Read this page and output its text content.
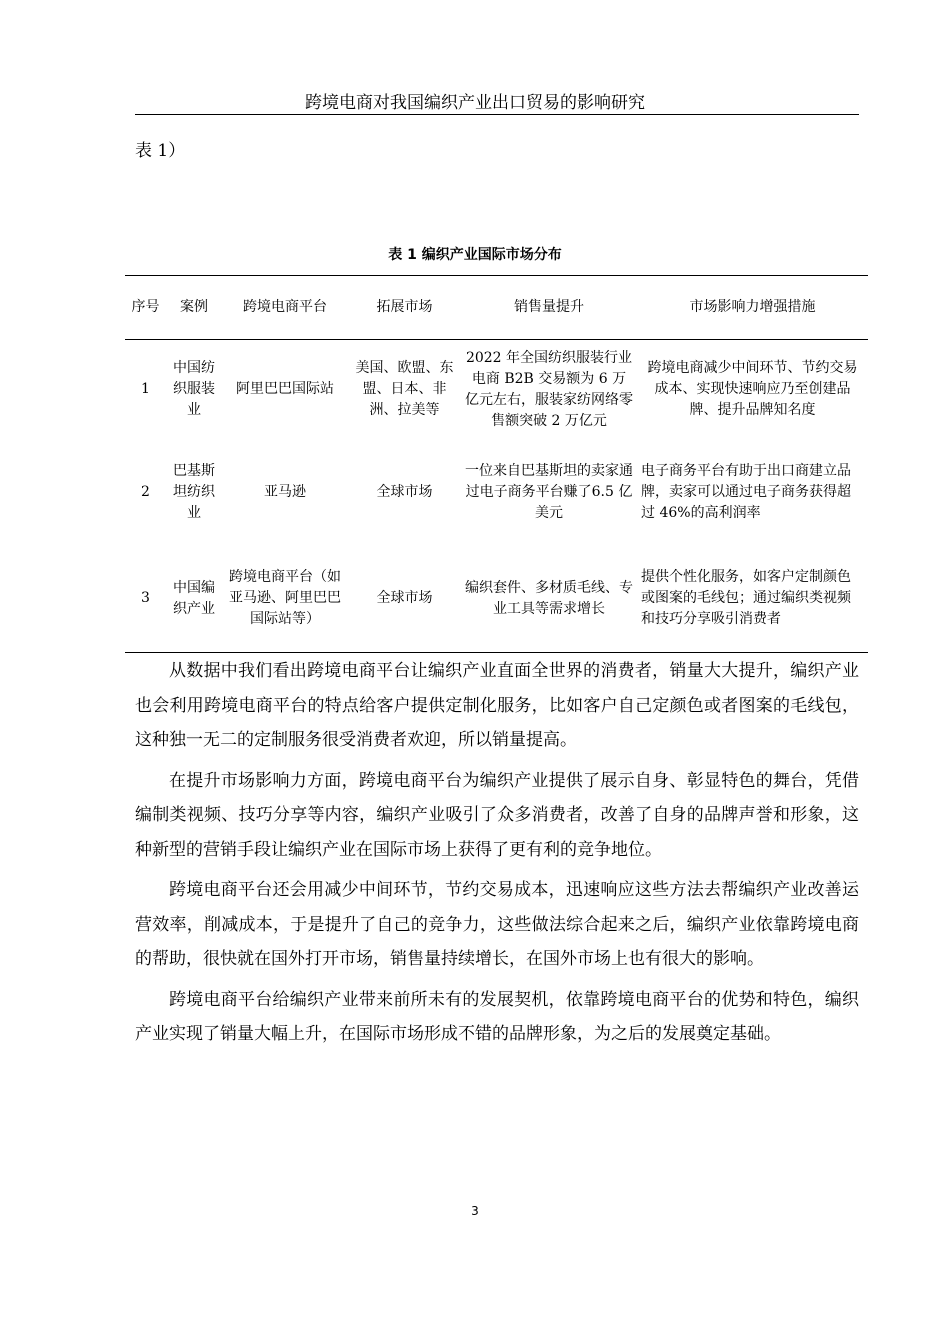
跨境电商对我国编织产业出口贸易的影响研究
表 1）
表 1 编织产业国际市场分布
序号	案例	跨境电商平台	拓展市场	销售量提升	市场影响力增强措施
1	中国纺织服装业	阿里巴巴国际站	美国、欧盟、东盟、日本、非洲、拉美等	2022 年全国纺织服装行业电商 B2B 交易额为 6 万亿元左右，服装家纺网络零售额突破 2 万亿元	跨境电商减少中间环节、节约交易成本、实现快速响应乃至创建品牌、提升品牌知名度
2	巴基斯坦纺织业	亚马逊	全球市场	一位来自巴基斯坦的卖家通过电子商务平台赚了6.5 亿美元	电子商务平台有助于出口商建立品牌，卖家可以通过电子商务获得超过 46%的高利润率
3	中国编织产业	跨境电商平台（如亚马逊、阿里巴巴国际站等）	全球市场	编织套件、多材质毛线、专业工具等需求增长	提供个性化服务，如客户定制颜色或图案的毛线包；通过编织类视频和技巧分享吸引消费者

从数据中我们看出跨境电商平台让编织产业直面全世界的消费者，销量大大提升，编织产业也会利用跨境电商平台的特点给客户提供定制化服务，比如客户自己定颜色或者图案的毛线包，这种独一无二的定制服务很受消费者欢迎，所以销量提高。

在提升市场影响力方面，跨境电商平台为编织产业提供了展示自身、彰显特色的舞台，凭借编制类视频、技巧分享等内容，编织产业吸引了众多消费者，改善了自身的品牌声誉和形象，这种新型的营销手段让编织产业在国际市场上获得了更有利的竞争地位。

跨境电商平台还会用减少中间环节，节约交易成本，迅速响应这些方法去帮编织产业改善运营效率，削减成本，于是提升了自己的竞争力，这些做法综合起来之后，编织产业依靠跨境电商的帮助，很快就在国外打开市场，销售量持续增长，在国外市场上也有很大的影响。

跨境电商平台给编织产业带来前所未有的发展契机，依靠跨境电商平台的优势和特色，编织产业实现了销量大幅上升，在国际市场形成不错的品牌形象，为之后的发展奠定基础。

3
